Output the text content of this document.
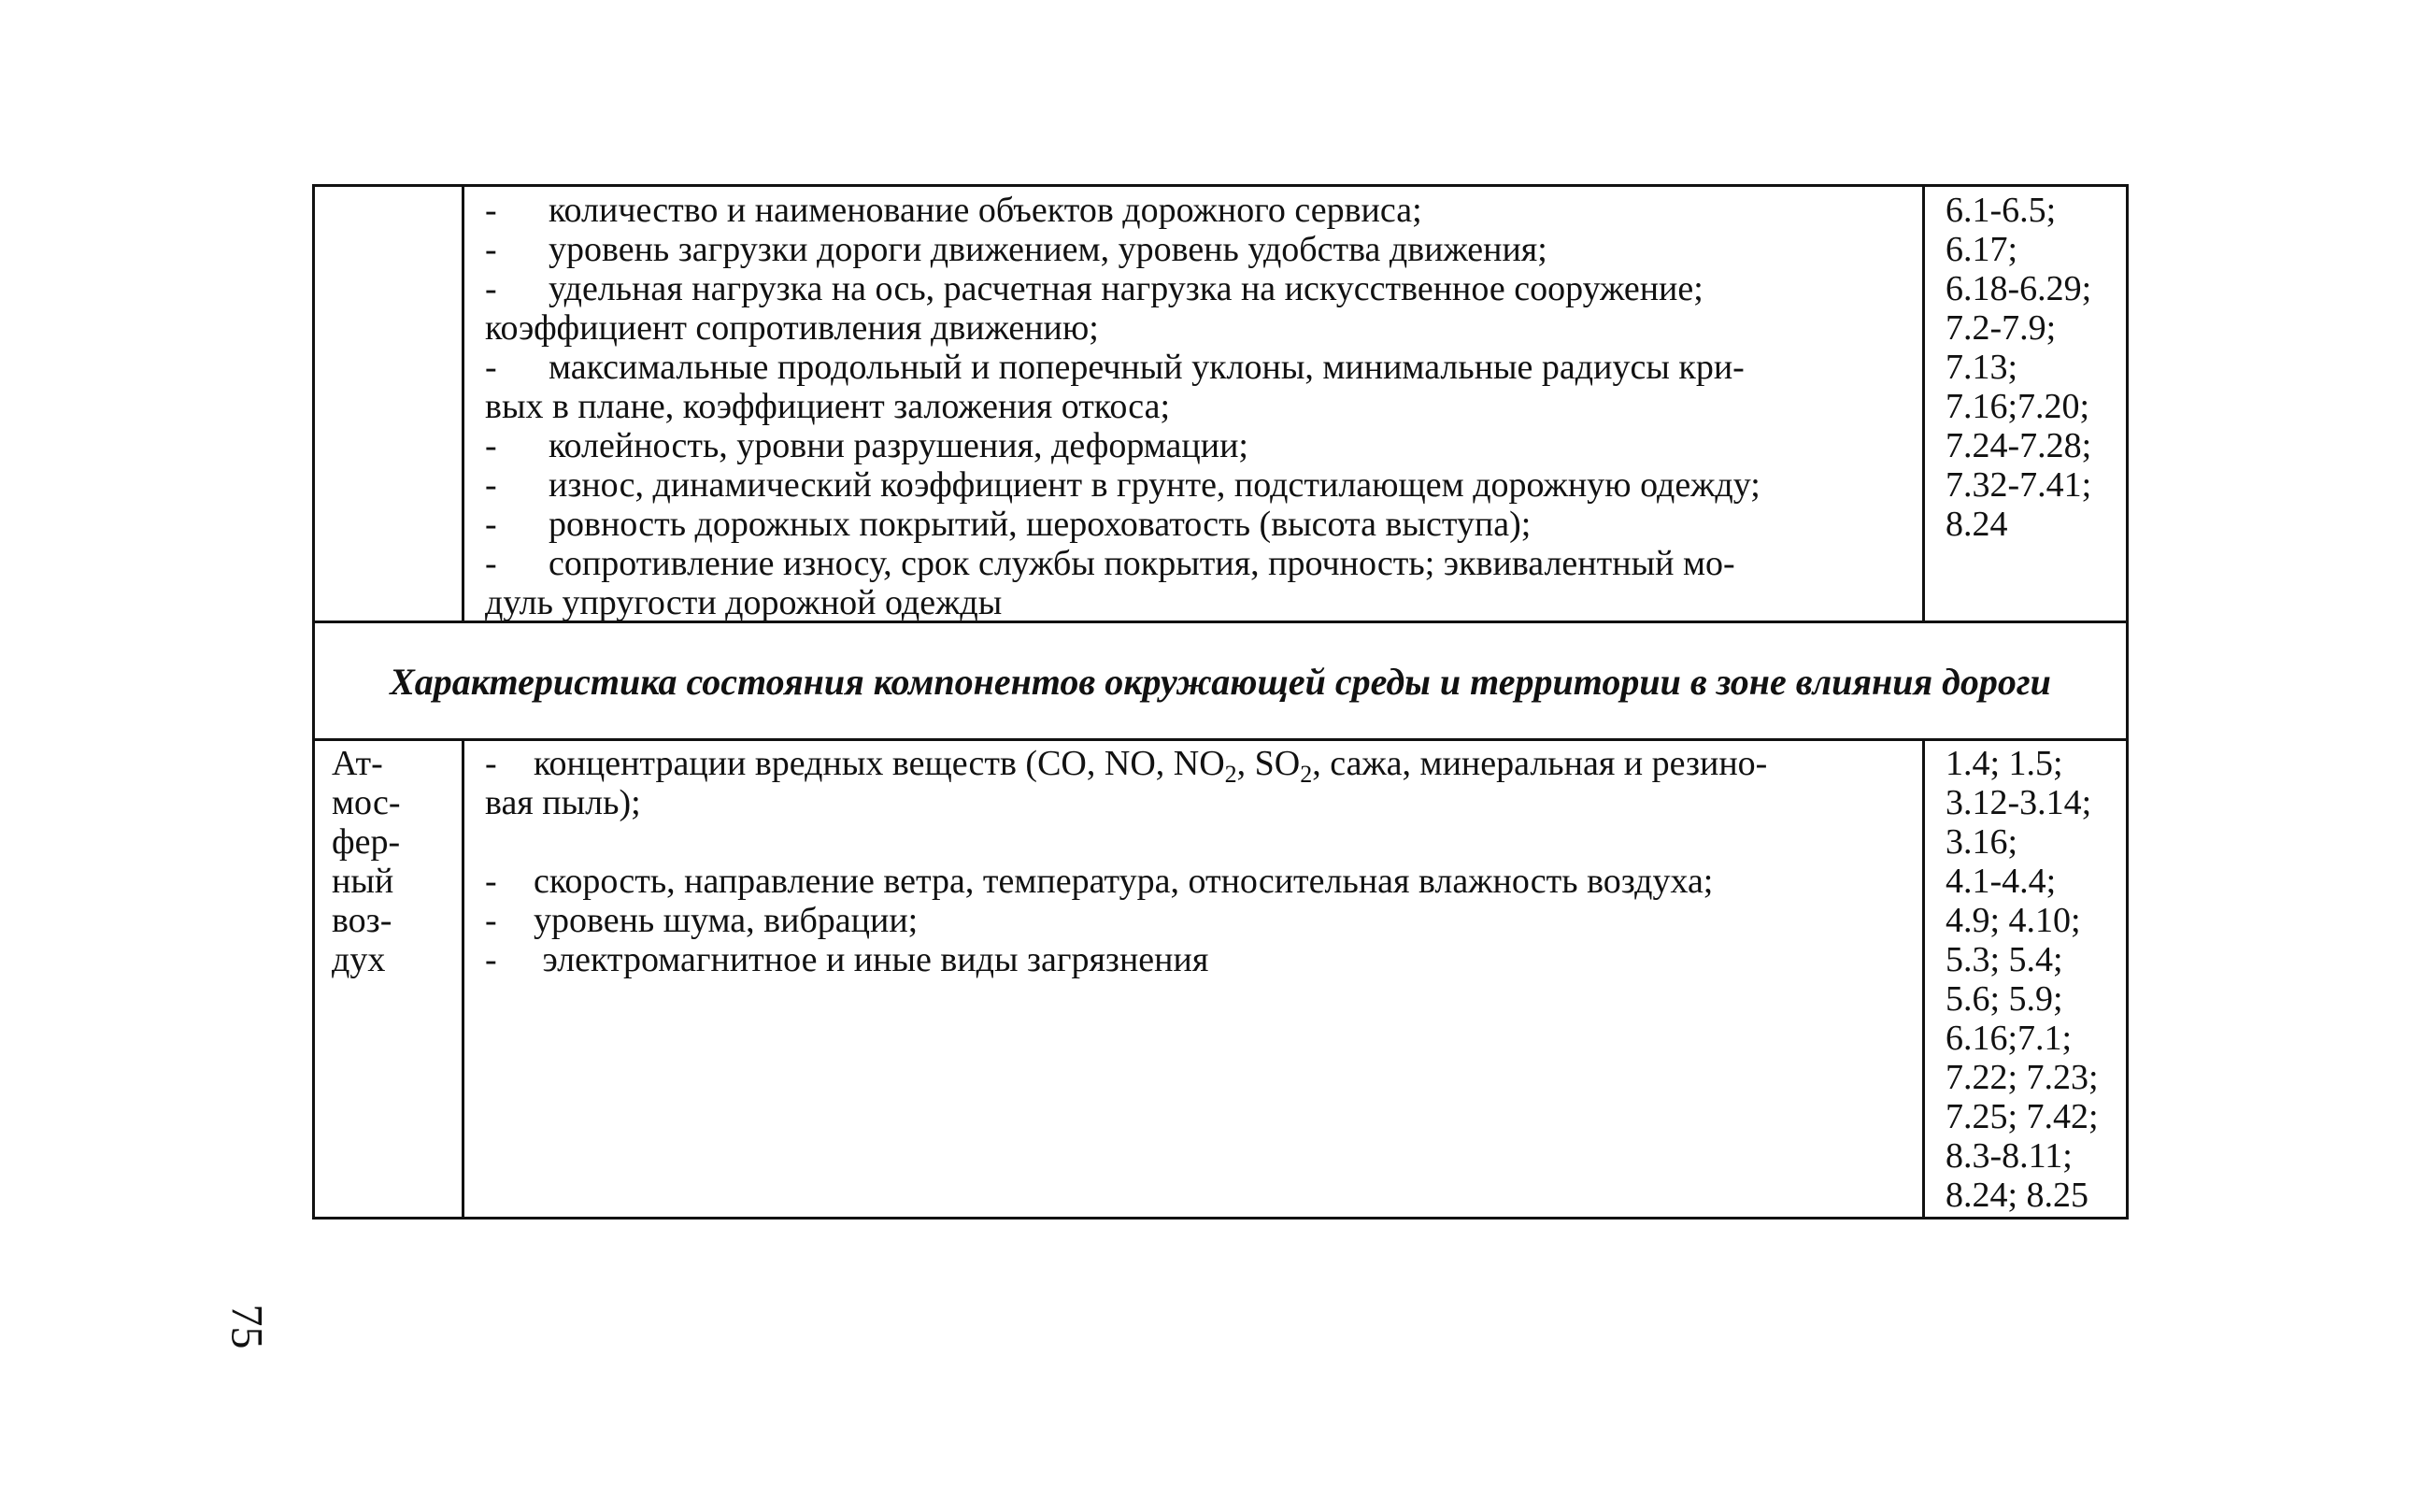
- количество и наименование объектов дорожного сервиса;
- уровень загрузки дороги движением, уровень удобства движения;
- удельная нагрузка на ось, расчетная нагрузка на искусственное сооружение;
коэффициент сопротивления движению;
- максимальные продольный и поперечный уклоны, минимальные радиусы кри-
вых в плане, коэффициент заложения откоса;
- колейность, уровни разрушения, деформации;
- износ, динамический коэффициент в грунте, подстилающем дорожную одежду;
- ровность дорожных покрытий, шероховатость (высота выступа);
- сопротивление износу, срок службы покрытия, прочность; эквивалентный мо-
дуль упругости дорожной одежды
6.1-6.5;
6.17;
6.18-6.29;
7.2-7.9;
7.13;
7.16;7.20;
7.24-7.28;
7.32-7.41;
8.24
Характеристика состояния компонентов окружающей среды и территории в зоне влияния дороги
Ат-
мос-
фер-
ный
воз-
дух
- концентрации вредных веществ (CO, NO, $NO_2$, $SO_2$, сажа, минеральная и резино-
вая пыль);
- скорость, направление ветра, температура, относительная влажность воздуха;
- уровень шума, вибрации;
- электромагнитное и иные виды загрязнения
1.4; 1.5;
3.12-3.14;
3.16;
4.1-4.4;
4.9; 4.10;
5.3; 5.4;
5.6; 5.9;
6.16;7.1;
7.22; 7.23;
7.25; 7.42;
8.3-8.11;
8.24; 8.25
75
